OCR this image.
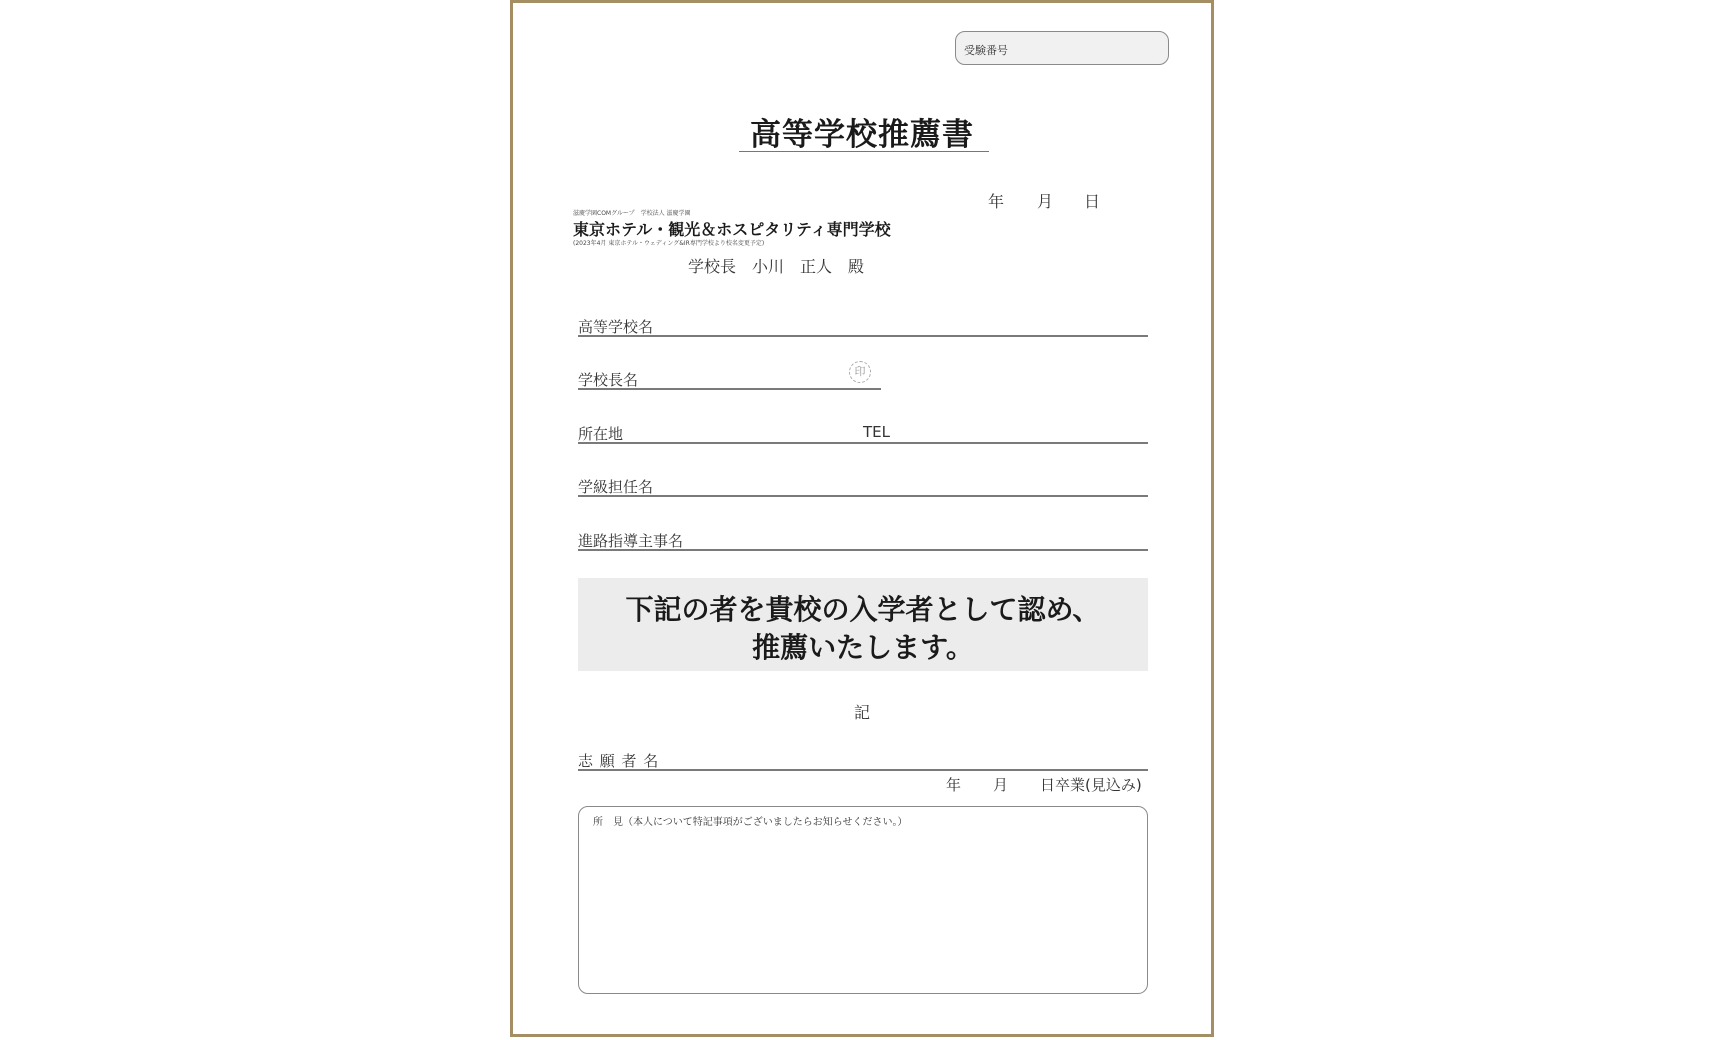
受験番号
高等学校推薦書
年 月 日
滋慶学園COMグループ　学校法人 滋慶学園
東京ホテル・観光＆ホスピタリティ専門学校
(2023年4月 東京ホテル・ウェディング&IR専門学校より校名変更予定)
学校長　小川　正人　殿
高等学校名
学校長名	印
所在地	TEL
学級担任名
進路指導主事名
下記の者を貴校の入学者として認め、
推薦いたします。
記
志 願 者 名
年 月 日卒業(見込み)
所　見（本人について特記事項がございましたらお知らせください。）
